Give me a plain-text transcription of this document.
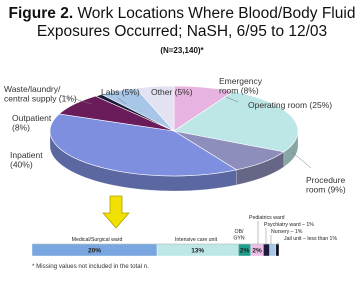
Figure 2. Work Locations Where Blood/Body Fluid
Exposures Occurred; NaSH, 6/95 to 12/03
(N=23,140)*
Emergency room (8%)
Operating room (25%)
Procedure room (9%)
Inpatient (40%)
Outpatient (8%)
Waste/laundry/ central supply (1%)
Labs (5%) Other (5%)
20%	13%	2% 2%
Medical/Surgical ward	Intensive care unit
OB/ GYN
Pediatrics ward
Psychiatry ward – 1%
Nursery – 1%
Jail unit – less than 1%
* Missing values not included in the total n.
